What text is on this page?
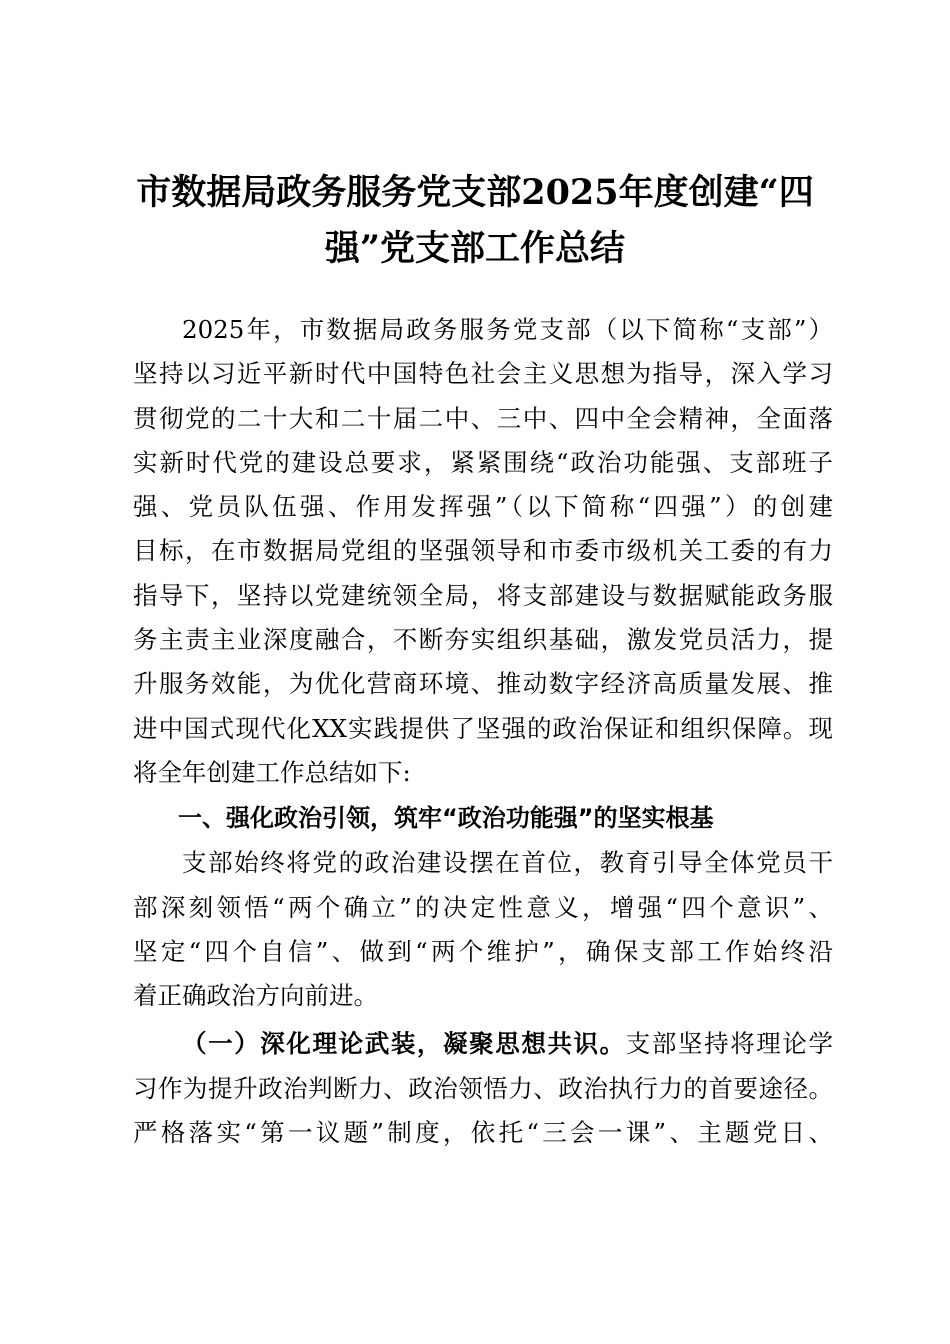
市数据局政务服务党支部2025年度创建“四
强”党支部工作总结
2025年，市数据局政务服务党支部（以下简称“支部”）
坚持以习近平新时代中国特色社会主义思想为指导，深入学习
贯彻党的二十大和二十届二中、三中、四中全会精神，全面落
实新时代党的建设总要求，紧紧围绕“政治功能强、支部班子
强、党员队伍强、作用发挥强”（以下简称“四强”）的创建
目标，在市数据局党组的坚强领导和市委市级机关工委的有力
指导下，坚持以党建统领全局，将支部建设与数据赋能政务服
务主责主业深度融合，不断夯实组织基础，激发党员活力，提
升服务效能，为优化营商环境、推动数字经济高质量发展、推
进中国式现代化XX实践提供了坚强的政治保证和组织保障。现
将全年创建工作总结如下:
一、强化政治引领，筑牢“政治功能强”的坚实根基
支部始终将党的政治建设摆在首位，教育引导全体党员干
部深刻领悟“两个确立”的决定性意义，增强“四个意识”、
坚定“四个自信”、做到“两个维护”，确保支部工作始终沿
着正确政治方向前进。
（一）深化理论武装，凝聚思想共识。支部坚持将理论学
习作为提升政治判断力、政治领悟力、政治执行力的首要途径。
严格落实“第一议题”制度，依托“三会一课”、主题党日、
